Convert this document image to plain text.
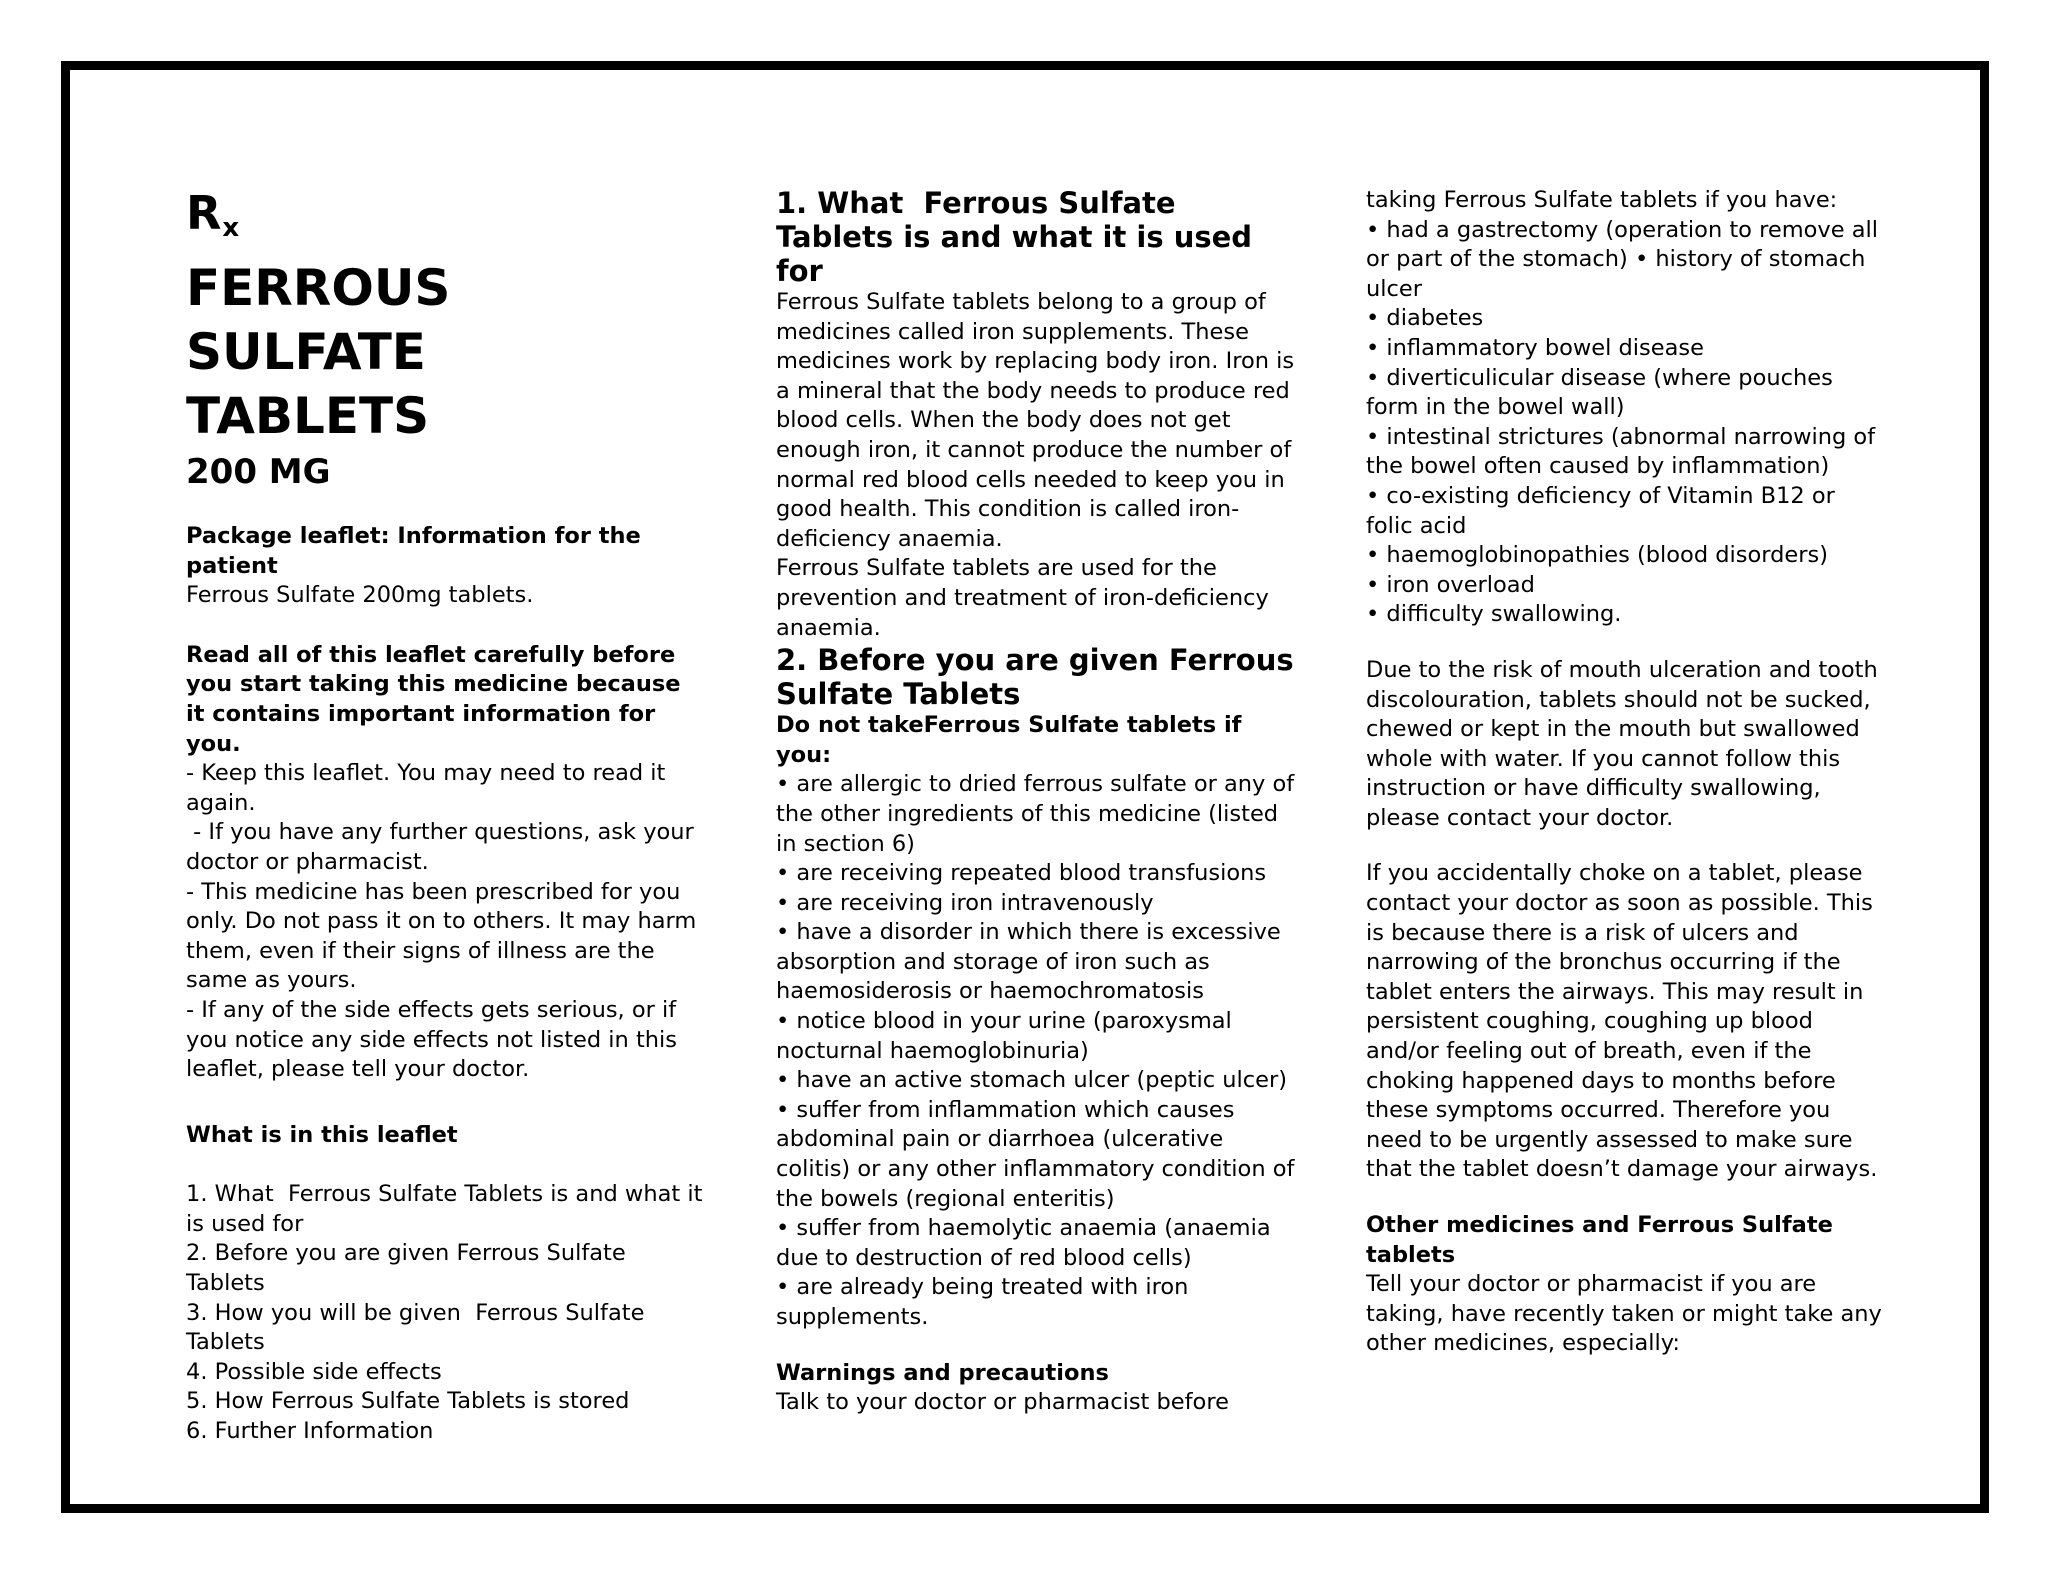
$R_x$
FERROUS SULFATE
TABLETS
200 MG

Package leaflet: Information for the patient

Ferrous Sulfate 200mg tablets.

Read all of this leaflet carefully before you start taking this medicine because it contains important information for you.

- Keep this leaflet. You may need to read it again.
- If you have any further questions, ask your doctor or pharmacist.
- This medicine has been prescribed for you only. Do not pass it on to others. It may harm them, even if their signs of illness are the same as yours.
- If any of the side effects gets serious, or if you notice any side effects not listed in this leaflet, please tell your doctor.

What is in this leaflet

1. What  Ferrous Sulfate Tablets is and what it is used for
2. Before you are given Ferrous Sulfate Tablets
3. How you will be given  Ferrous Sulfate Tablets
4. Possible side effects
5. How Ferrous Sulfate Tablets is stored
6. Further Information

1. What  Ferrous Sulfate Tablets is and what it is used for

Ferrous Sulfate tablets belong to a group of medicines called iron supplements. These medicines work by replacing body iron. Iron is a mineral that the body needs to produce red blood cells. When the body does not get enough iron, it cannot produce the number of normal red blood cells needed to keep you in good health. This condition is called iron-deficiency anaemia.

Ferrous Sulfate tablets are used for the prevention and treatment of iron-deficiency anaemia.

2. Before you are given Ferrous Sulfate Tablets

Do not takeFerrous Sulfate tablets if you:

• are allergic to dried ferrous sulfate or any of the other ingredients of this medicine (listed in section 6)
• are receiving repeated blood transfusions
• are receiving iron intravenously
• have a disorder in which there is excessive absorption and storage of iron such as haemosiderosis or haemochromatosis
• notice blood in your urine (paroxysmal nocturnal haemoglobinuria)
• have an active stomach ulcer (peptic ulcer)
• suffer from inflammation which causes abdominal pain or diarrhoea (ulcerative colitis) or any other inflammatory condition of the bowels (regional enteritis)
• suffer from haemolytic anaemia (anaemia due to destruction of red blood cells)
• are already being treated with iron supplements.

Warnings and precautions

Talk to your doctor or pharmacist before

taking Ferrous Sulfate tablets if you have:

• had a gastrectomy (operation to remove all or part of the stomach) • history of stomach ulcer
• diabetes
• inflammatory bowel disease
• diverticulicular disease (where pouches form in the bowel wall)
• intestinal strictures (abnormal narrowing of the bowel often caused by inflammation)
• co-existing deficiency of Vitamin B12 or folic acid
• haemoglobinopathies (blood disorders)
• iron overload
• difficulty swallowing.

Due to the risk of mouth ulceration and tooth discolouration, tablets should not be sucked, chewed or kept in the mouth but swallowed whole with water. If you cannot follow this instruction or have difficulty swallowing, please contact your doctor.

If you accidentally choke on a tablet, please contact your doctor as soon as possible. This is because there is a risk of ulcers and narrowing of the bronchus occurring if the tablet enters the airways. This may result in persistent coughing, coughing up blood and/or feeling out of breath, even if the choking happened days to months before these symptoms occurred. Therefore you need to be urgently assessed to make sure that the tablet doesn’t damage your airways.

Other medicines and Ferrous Sulfate tablets

Tell your doctor or pharmacist if you are taking, have recently taken or might take any other medicines, especially:
